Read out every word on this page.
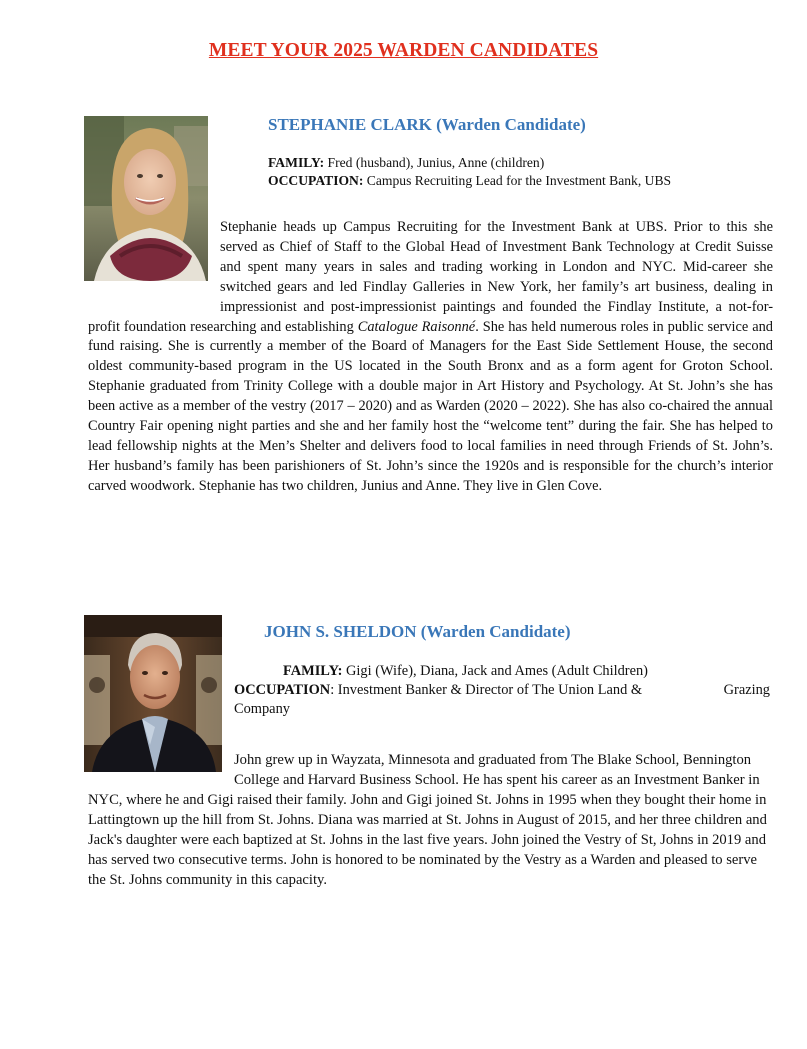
MEET YOUR 2025 WARDEN CANDIDATES
STEPHANIE CLARK (Warden Candidate)
FAMILY: Fred (husband), Junius, Anne (children)
OCCUPATION: Campus Recruiting Lead for the Investment Bank, UBS

Stephanie heads up Campus Recruiting for the Investment Bank at UBS. Prior to this she served as Chief of Staff to the Global Head of Investment Bank Technology at Credit Suisse and spent many years in sales and trading working in London and NYC. Mid-career she switched gears and led Findlay Galleries in New York, her family’s art business, dealing in impressionist and post-impressionist paintings and founded the Findlay Institute, a not-for-profit foundation researching and establishing Catalogue Raisonné. She has held numerous roles in public service and fund raising. She is currently a member of the Board of Managers for the East Side Settlement House, the second oldest community-based program in the US located in the South Bronx and as a form agent for Groton School. Stephanie graduated from Trinity College with a double major in Art History and Psychology. At St. John’s she has been active as a member of the vestry (2017 – 2020) and as Warden (2020 – 2022). She has also co-chaired the annual Country Fair opening night parties and she and her family host the “welcome tent” during the fair. She has helped to lead fellowship nights at the Men’s Shelter and delivers food to local families in need through Friends of St. John’s. Her husband’s family has been parishioners of St. John’s since the 1920s and is responsible for the church’s interior carved woodwork. Stephanie has two children, Junius and Anne. They live in Glen Cove.

JOHN S. SHELDON (Warden Candidate)
FAMILY: Gigi (Wife), Diana, Jack and Ames (Adult Children)
OCCUPATION: Investment Banker & Director of The Union Land &	Grazing
Company

John grew up in Wayzata, Minnesota and graduated from The Blake School, Bennington College and Harvard Business School. He has spent his career as an Investment Banker in NYC, where he and Gigi raised their family. John and Gigi joined St. Johns in 1995 when they bought their home in Lattingtown up the hill from St. Johns. Diana was married at St. Johns in August of 2015, and her three children and Jack's daughter were each baptized at St. Johns in the last five years. John joined the Vestry of St, Johns in 2019 and has served two consecutive terms. John is honored to be nominated by the Vestry as a Warden and pleased to serve the St. Johns community in this capacity.
